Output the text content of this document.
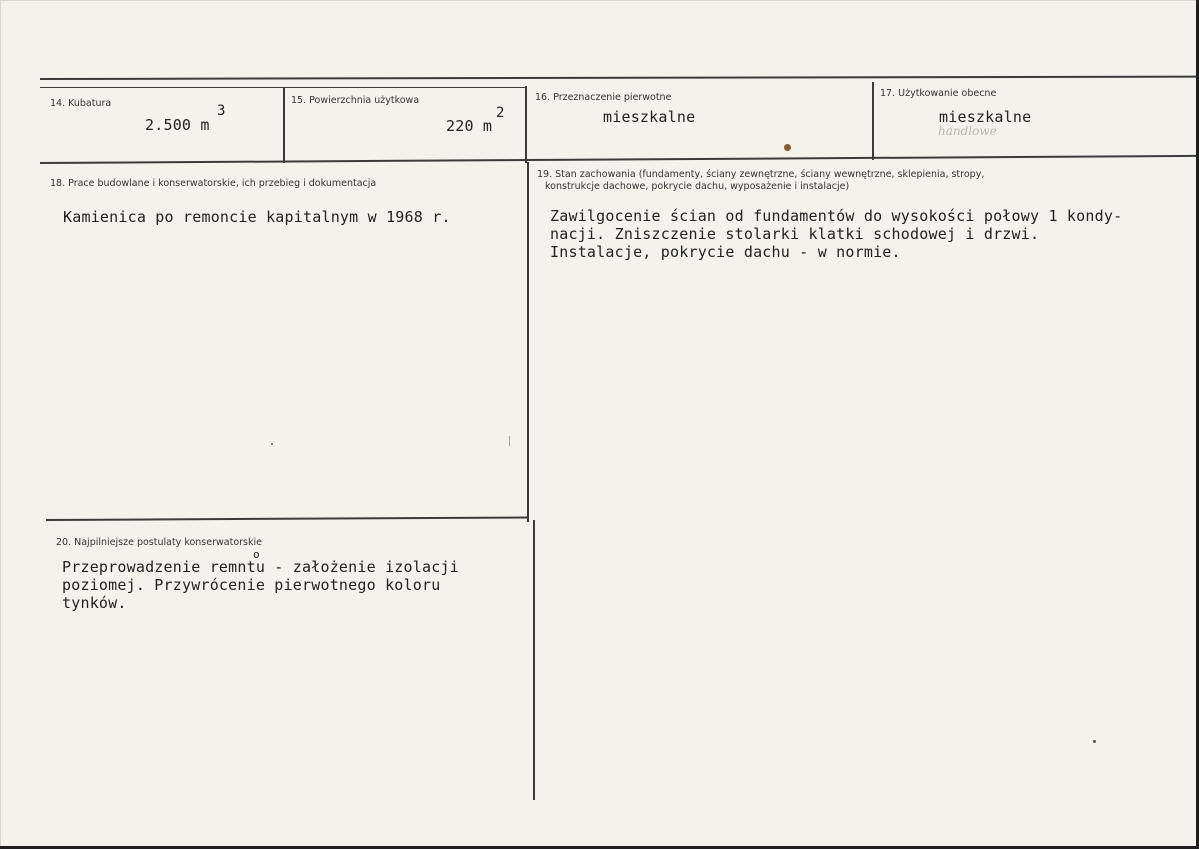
14. Kubatura
2.500 m
3
15. Powierzchnia użytkowa
220 m
2
16. Przeznaczenie pierwotne
mieszkalne
17. Użytkowanie obecne
mieszkalne
handlowe
18. Prace budowlane i konserwatorskie, ich przebieg i dokumentacja
Kamienica po remoncie kapitalnym w 1968 r.
19. Stan zachowania (fundamenty, ściany zewnętrzne, ściany wewnętrzne, sklepienia, stropy,
konstrukcje dachowe, pokrycie dachu, wyposażenie i instalacje)
Zawilgocenie ścian od fundamentów do wysokości połowy 1 kondy-
nacji. Zniszczenie stolarki klatki schodowej i drzwi.
Instalacje, pokrycie dachu - w normie.
20. Najpilniejsze postulaty konserwatorskie
Przeprowadzenie remntu - założenie izolacji
o
poziomej. Przywrócenie pierwotnego koloru
tynków.
